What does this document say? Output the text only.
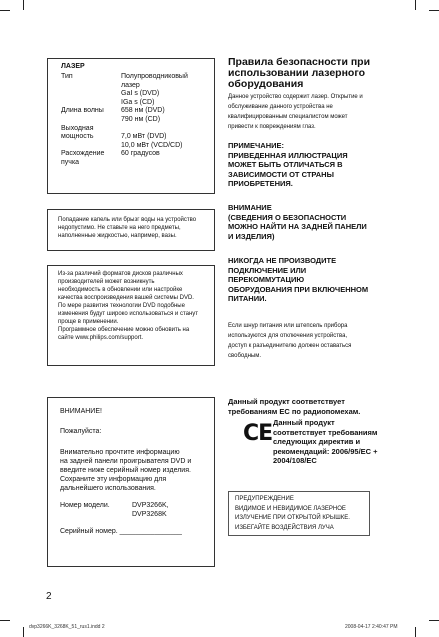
ЛАЗЕР
Тип	Полупроводниковый
лазер
GaⅠ s (DVD)
IGa s (CD)
Длина волны	658 нм (DVD)
790 нм (CD)
Выходная

мощность	7,0 мВт (DVD)
10,0 мВт (VCD/CD)
Расхождение	60 градусов
пучка

Попадание капель или брызг воды на устройство недопустимо. Не ставьте на него предметы, наполненные жидкостью, например, вазы.

Из-за различий форматов дисков различных
производителей может возникнуть
необходимость в обновлении или настройке
качества воспроизведения вашей системы DVD.
По мере развития технологии DVD подобные
изменения будут широко использоваться и станут
проще в применении.
Программное обеспечение можно обновить на
сайте www.philips.com/support.

ВНИМАНИЕ!

Пожалуйста:

Внимательно прочтите информацию
на задней панели проигрывателя DVD и
введите ниже серийный номер изделия.
Сохраните эту информацию для
дальнейшего использования.
Номер модели.	DVP3266K,
DVP3268K

Серийный номер. ________________

Правила безопасности при
использовании лазерного
оборудования
Данное устройство содержит лазер. Открытие и
обслуживание данного устройства не
квалифицированным специалистом может
привести к повреждениям глаз.
ПРИМЕЧАНИЕ:
ПРИВЕДЕННАЯ ИЛЛЮСТРАЦИЯ
МОЖЕТ БЫТЬ ОТЛИЧАТЬСЯ В
ЗАВИСИМОСТИ ОТ СТРАНЫ
ПРИОБРЕТЕНИЯ.
ВНИМАНИЕ
(СВЕДЕНИЯ О БЕЗОПАСНОСТИ
МОЖНО НАЙТИ НА ЗАДНЕЙ ПАНЕЛИ
И ИЗДЕЛИЯ)
НИКОГДА НЕ ПРОИЗВОДИТЕ
ПОДКЛЮЧЕНИЕ ИЛИ
ПЕРЕКОММУТАЦИЮ
ОБОРУДОВАНИЯ ПРИ ВКЛЮЧЕННОМ
ПИТАНИИ.
Если шнур питания или штепсель прибора
используются для отключения устройства,
доступ к разъединителю должен оставаться
свободным.
Данный продукт соответствует
требованиям ЕС по радиопомехам.
CE Данный продукт
соответствует требованиям
следующих директив и
рекомендаций: 2006/95/EC +
2004/108/EC
ПРЕДУПРЕЖДЕНИЕ
ВИДИМОЕ И НЕВИДИМОЕ ЛАЗЕРНОЕ
ИЗЛУЧЕНИЕ ПРИ ОТКРЫТОЙ КРЫШКЕ.
ИЗБЕГАЙТЕ ВОЗДЕЙСТВИЯ ЛУЧА
2
dvp3266K_3268K_51_rus1.indd 2	2008-04-17 2:40:47 PM
